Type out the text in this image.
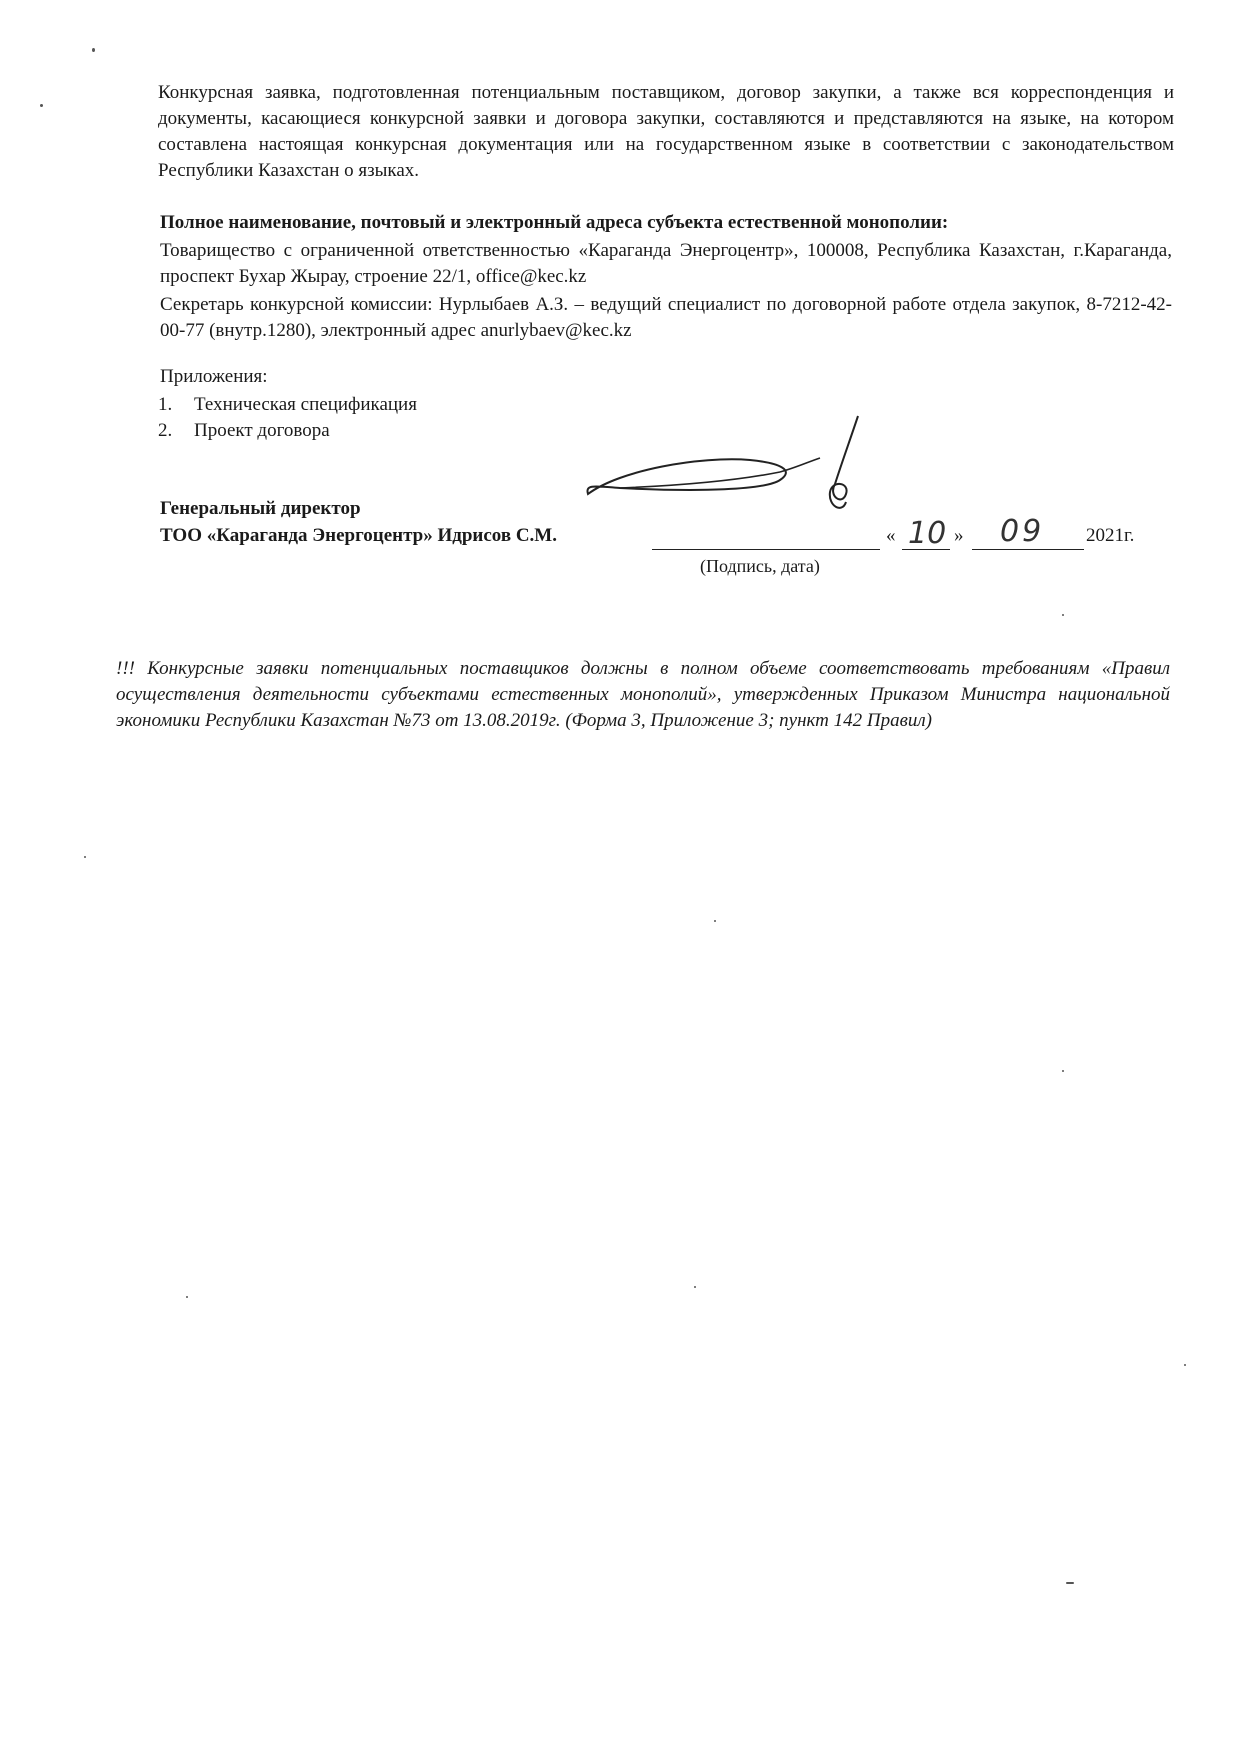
Конкурсная заявка, подготовленная потенциальным поставщиком, договор закупки, а также вся корреспонденция и документы, касающиеся конкурсной заявки и договора закупки, составляются и представляются на языке, на котором составлена настоящая конкурсная документация или на государственном языке в соответствии с законодательством Республики Казахстан о языках.
Полное наименование, почтовый и электронный адреса субъекта естественной монополии:
Товарищество с ограниченной ответственностью «Караганда Энергоцентр», 100008, Республика Казахстан, г.Караганда, проспект Бухар Жырау, строение 22/1, office@kec.kz
Секретарь конкурсной комиссии: Нурлыбаев А.З. – ведущий специалист по договорной работе отдела закупок, 8-7212-42-00-77 (внутр.1280), электронный адрес anurlybaev@kec.kz
Приложения:
1. Техническая спецификация
2. Проект договора
Генеральный директор
ТОО «Караганда Энергоцентр» Идрисов С.М.	« 10 » 09 2021г.
(Подпись, дата)
!!! Конкурсные заявки потенциальных поставщиков должны в полном объеме соответствовать требованиям «Правил осуществления деятельности субъектами естественных монополий», утвержденных Приказом Министра национальной экономики Республики Казахстан №73 от 13.08.2019г. (Форма 3, Приложение 3; пункт 142 Правил)
